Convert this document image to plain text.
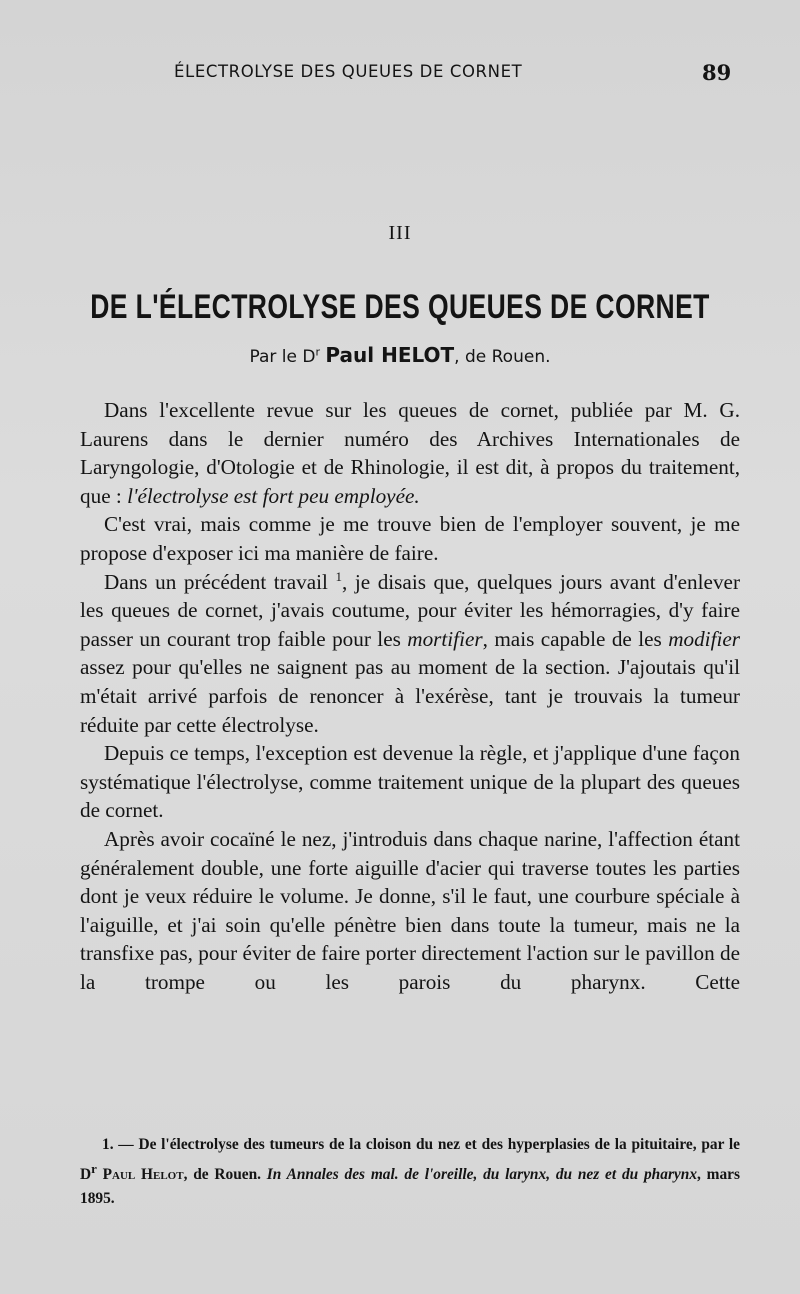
ÉLECTROLYSE DES QUEUES DE CORNET	89
III
DE L'ÉLECTROLYSE DES QUEUES DE CORNET
Par le $D^r$ Paul HELOT, de Rouen.

Dans l'excellente revue sur les queues de cornet, publiée par M. G. Laurens dans le dernier numéro des Archives Internationales de Laryngologie, d'Otologie et de Rhinologie, il est dit, à propos du traitement, que : l'électrolyse est fort peu employée.

C'est vrai, mais comme je me trouve bien de l'employer souvent, je me propose d'exposer ici ma manière de faire.

Dans un précédent travail $^1$, je disais que, quelques jours avant d'enlever les queues de cornet, j'avais coutume, pour éviter les hémorragies, d'y faire passer un courant trop faible pour les mortifier, mais capable de les modifier assez pour qu'elles ne saignent pas au moment de la section. J'ajoutais qu'il m'était arrivé parfois de renoncer à l'exérèse, tant je trouvais la tumeur réduite par cette électrolyse.

Depuis ce temps, l'exception est devenue la règle, et j'applique d'une façon systématique l'électrolyse, comme traitement unique de la plupart des queues de cornet.

Après avoir cocaïné le nez, j'introduis dans chaque narine, l'affection étant généralement double, une forte aiguille d'acier qui traverse toutes les parties dont je veux réduire le volume. Je donne, s'il le faut, une courbure spéciale à l'aiguille, et j'ai soin qu'elle pénètre bien dans toute la tumeur, mais ne la transfixe pas, pour éviter de faire porter directement l'action sur le pavillon de la trompe ou les parois du pharynx. Cette

1. — De l'électrolyse des tumeurs de la cloison du nez et des hyperplasies de la pituitaire, par le $D^r$ Paul Helot, de Rouen. In Annales des mal. de l'oreille, du larynx, du nez et du pharynx, mars 1895.
